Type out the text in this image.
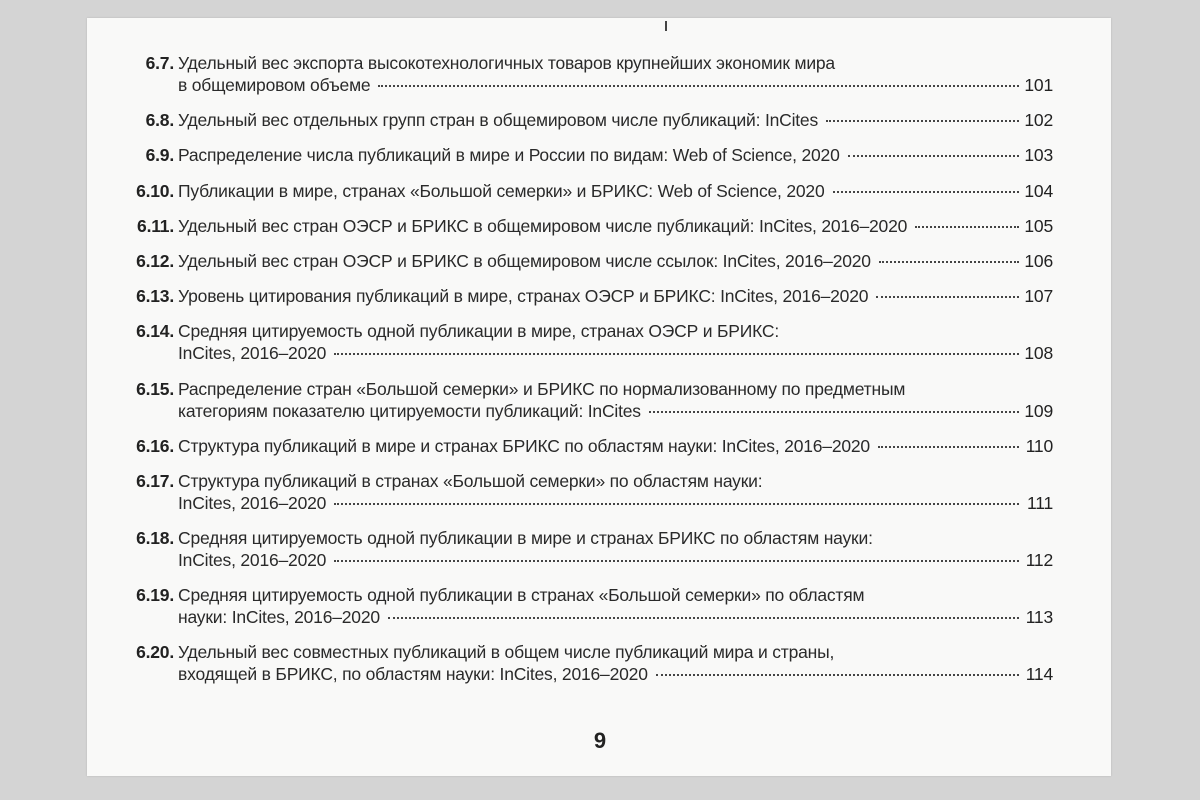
6.7. Удельный вес экспорта высокотехнологичных товаров крупнейших экономик мира
в общемировом объеме	101
6.8. Удельный вес отдельных групп стран в общемировом числе публикаций: InCites	102
6.9. Распределение числа публикаций в мире и России по видам: Web of Science, 2020	103
6.10. Публикации в мире, странах «Большой семерки» и БРИКС: Web of Science, 2020	104
6.11. Удельный вес стран ОЭСР и БРИКС в общемировом числе публикаций: InCites, 2016–2020	105
6.12. Удельный вес стран ОЭСР и БРИКС в общемировом числе ссылок: InCites, 2016–2020	106
6.13. Уровень цитирования публикаций в мире, странах ОЭСР и БРИКС: InCites, 2016–2020	107
6.14. Средняя цитируемость одной публикации в мире, странах ОЭСР и БРИКС:
InCites, 2016–2020	108
6.15. Распределение стран «Большой семерки» и БРИКС по нормализованному по предметным
категориям показателю цитируемости публикаций: InCites	109
6.16. Структура публикаций в мире и странах БРИКС по областям науки: InCites, 2016–2020	110
6.17. Структура публикаций в странах «Большой семерки» по областям науки:
InCites, 2016–2020	111
6.18. Средняя цитируемость одной публикации в мире и странах БРИКС по областям науки:
InCites, 2016–2020	112
6.19. Средняя цитируемость одной публикации в странах «Большой семерки» по областям
науки: InCites, 2016–2020	113
6.20. Удельный вес совместных публикаций в общем числе публикаций мира и страны,
входящей в БРИКС, по областям науки: InCites, 2016–2020	114
9
